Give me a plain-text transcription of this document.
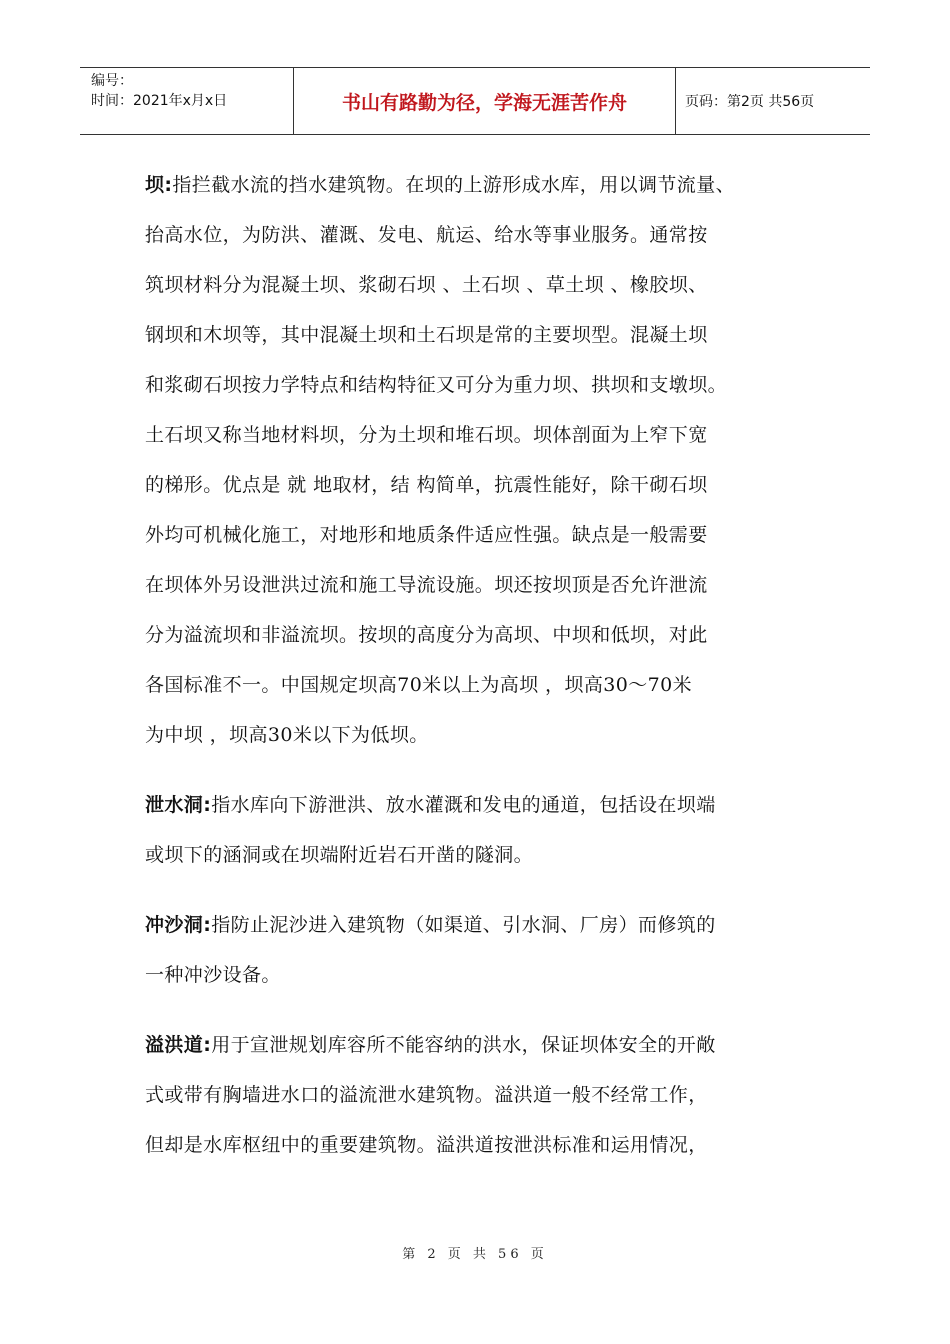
编号：
时间：2021年x月x日	书山有路勤为径，学海无涯苦作舟	页码：第2页 共56页
坝:指拦截水流的挡水建筑物。在坝的上游形成水库，用以调节流量、
抬高水位，为防洪、灌溉、发电、航运、给水等事业服务。通常按
筑坝材料分为混凝土坝、浆砌石坝 、土石坝 、草土坝 、橡胶坝、
钢坝和木坝等，其中混凝土坝和土石坝是常的主要坝型。混凝土坝
和浆砌石坝按力学特点和结构特征又可分为重力坝、拱坝和支墩坝。
土石坝又称当地材料坝，分为土坝和堆石坝。坝体剖面为上窄下宽
的梯形。优点是 就 地取材，结 构简单，抗震性能好，除干砌石坝
外均可机械化施工，对地形和地质条件适应性强。缺点是一般需要
在坝体外另设泄洪过流和施工导流设施。坝还按坝顶是否允许泄流
分为溢流坝和非溢流坝。按坝的高度分为高坝、中坝和低坝，对此
各国标准不一。中国规定坝高70米以上为高坝 ，坝高30～70米
为中坝 ，坝高30米以下为低坝。
泄水洞:指水库向下游泄洪、放水灌溉和发电的通道，包括设在坝端
或坝下的涵洞或在坝端附近岩石开凿的隧洞。
冲沙洞:指防止泥沙进入建筑物（如渠道、引水洞、厂房）而修筑的
一种冲沙设备。
溢洪道:用于宣泄规划库容所不能容纳的洪水，保证坝体安全的开敞
式或带有胸墙进水口的溢流泄水建筑物。溢洪道一般不经常工作，
但却是水库枢纽中的重要建筑物。溢洪道按泄洪标准和运用情况，
第 2 页 共 56 页
